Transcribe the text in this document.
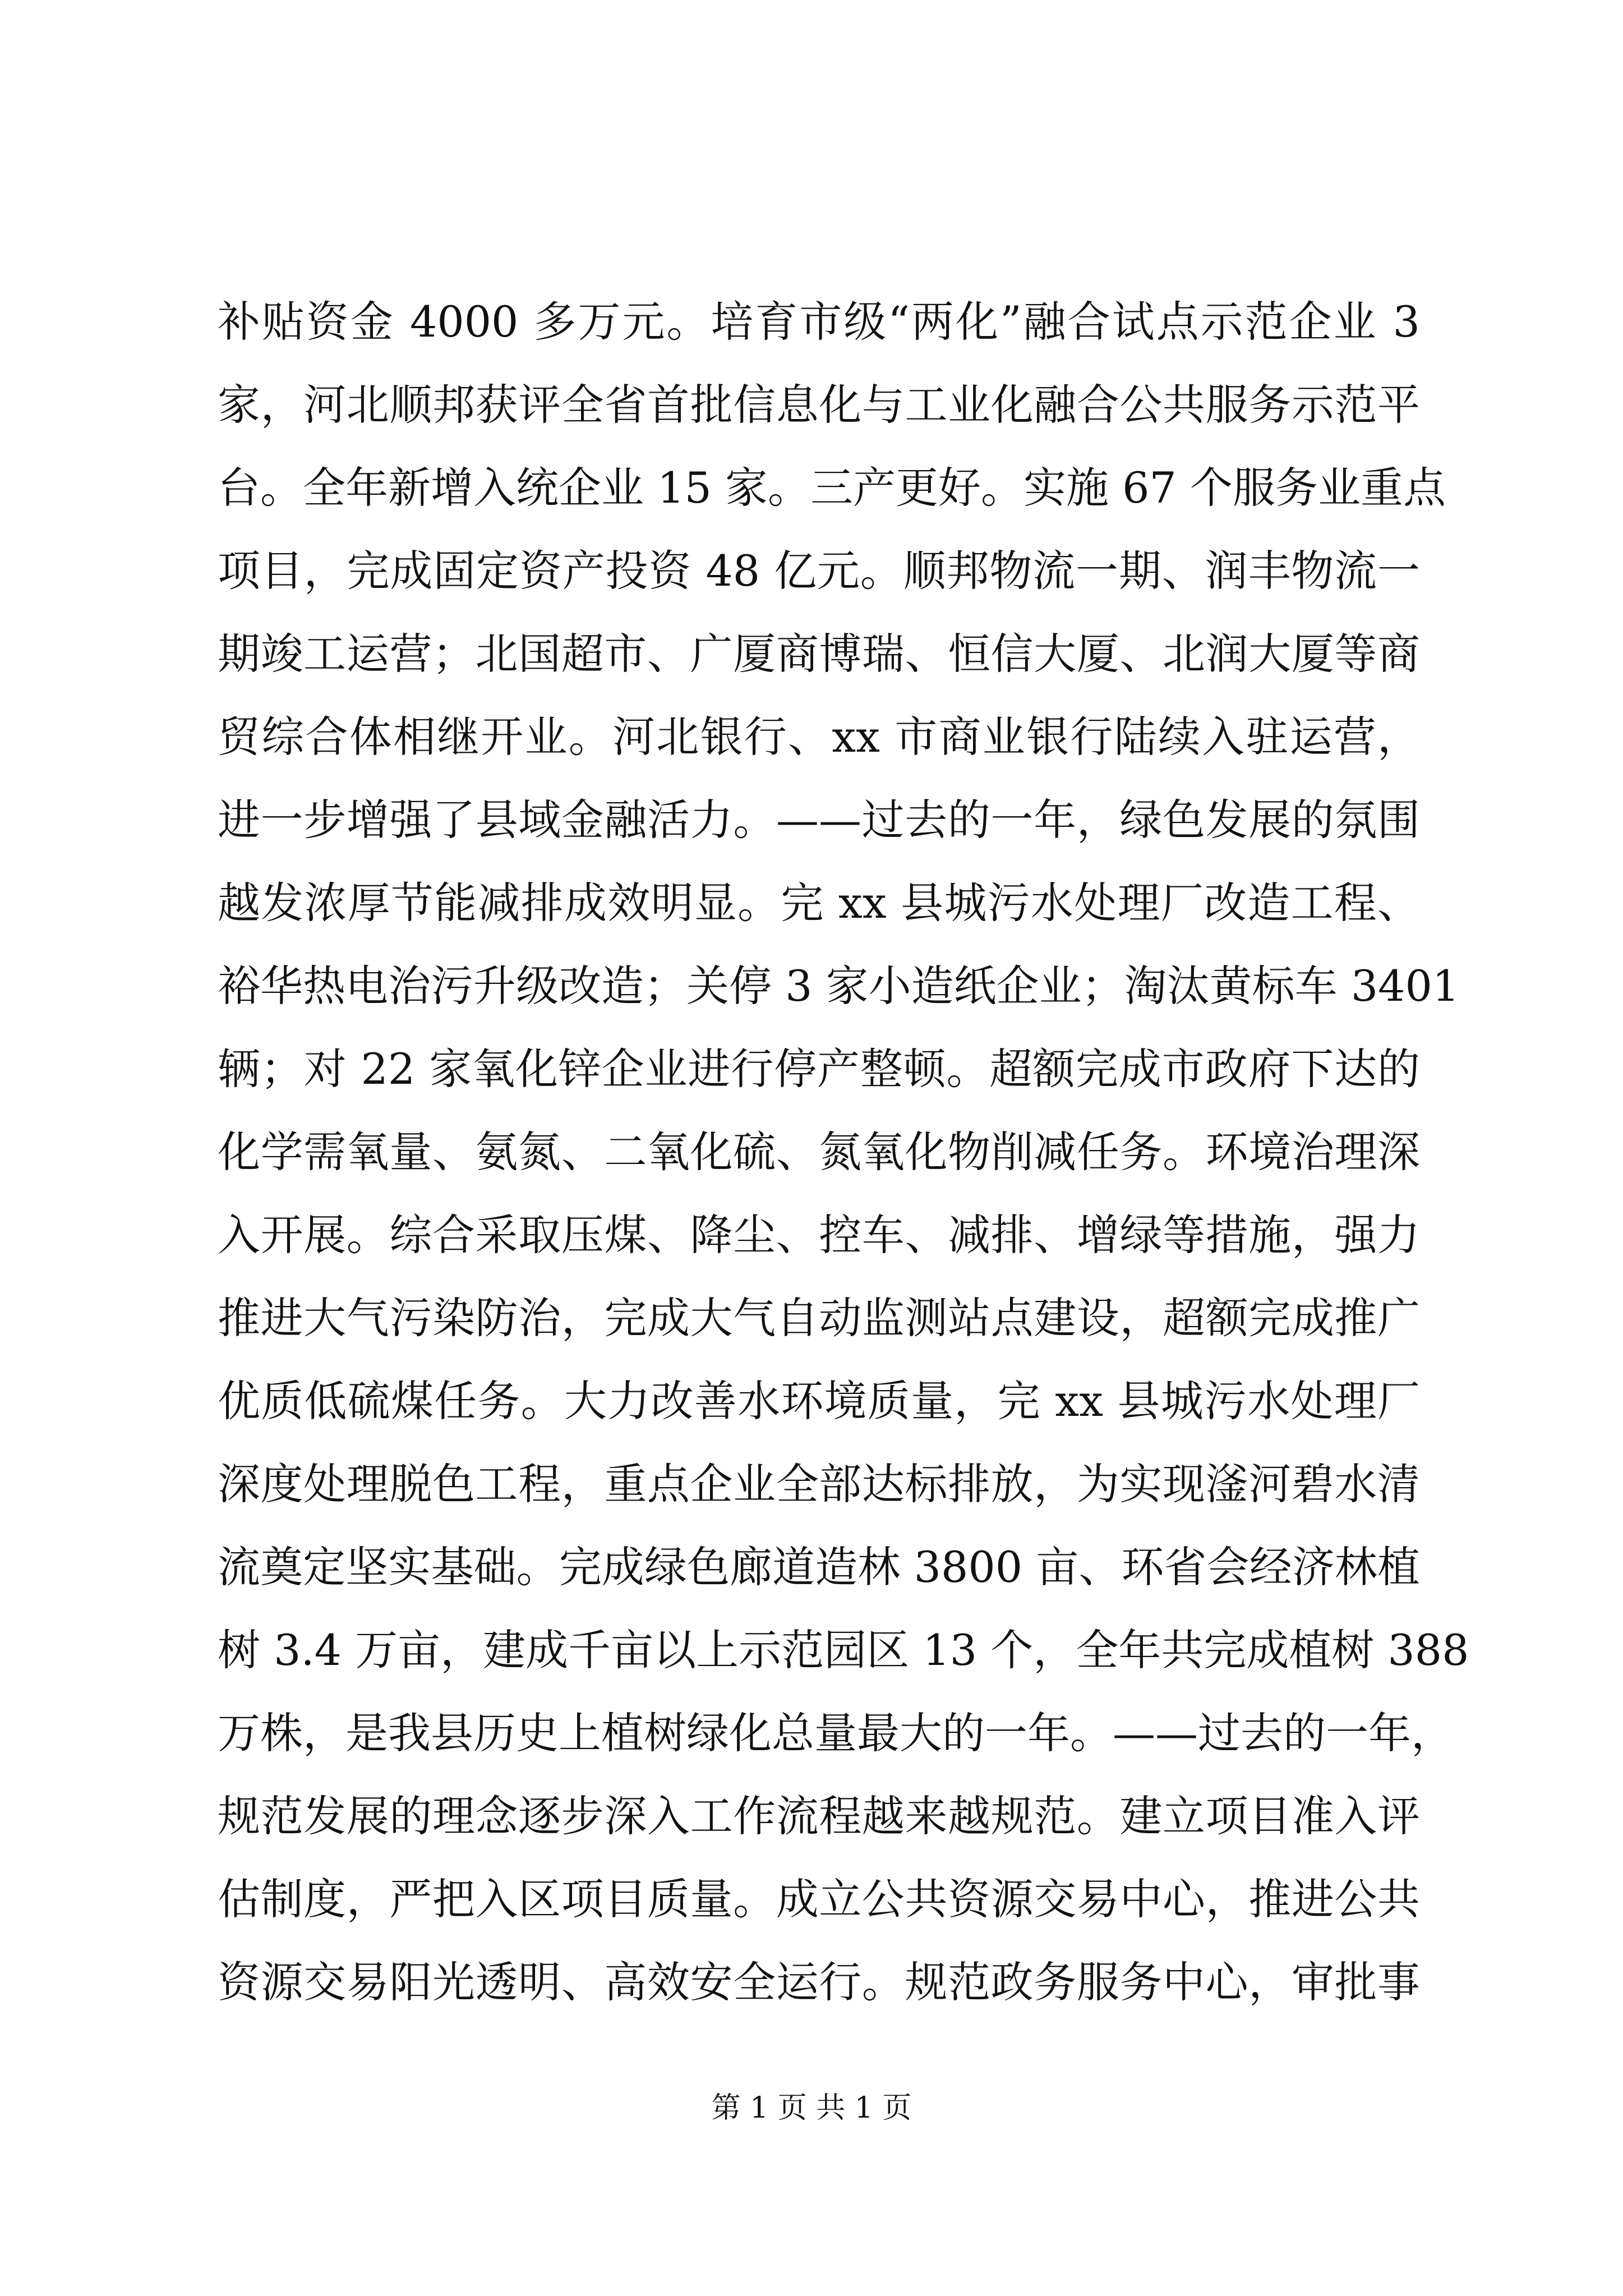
补贴资金 4000 多万元。培育市级“两化”融合试点示范企业 3
家，河北顺邦获评全省首批信息化与工业化融合公共服务示范平
台。全年新增入统企业 15 家。三产更好。实施 67 个服务业重点
项目，完成固定资产投资 48 亿元。顺邦物流一期、润丰物流一
期竣工运营；北国超市、广厦商博瑞、恒信大厦、北润大厦等商
贸综合体相继开业。河北银行、xx 市商业银行陆续入驻运营，
进一步增强了县域金融活力。——过去的一年，绿色发展的氛围
越发浓厚节能减排成效明显。完 xx 县城污水处理厂改造工程、
裕华热电治污升级改造；关停 3 家小造纸企业；淘汰黄标车 3401
辆；对 22 家氧化锌企业进行停产整顿。超额完成市政府下达的
化学需氧量、氨氮、二氧化硫、氮氧化物削减任务。环境治理深
入开展。综合采取压煤、降尘、控车、减排、增绿等措施，强力
推进大气污染防治，完成大气自动监测站点建设，超额完成推广
优质低硫煤任务。大力改善水环境质量，完 xx 县城污水处理厂
深度处理脱色工程，重点企业全部达标排放，为实现滏河碧水清
流奠定坚实基础。完成绿色廊道造林 3800 亩、环省会经济林植
树 3.4 万亩，建成千亩以上示范园区 13 个，全年共完成植树 388
万株，是我县历史上植树绿化总量最大的一年。——过去的一年，
规范发展的理念逐步深入工作流程越来越规范。建立项目准入评
估制度，严把入区项目质量。成立公共资源交易中心，推进公共
资源交易阳光透明、高效安全运行。规范政务服务中心，审批事
第 1 页 共 1 页
